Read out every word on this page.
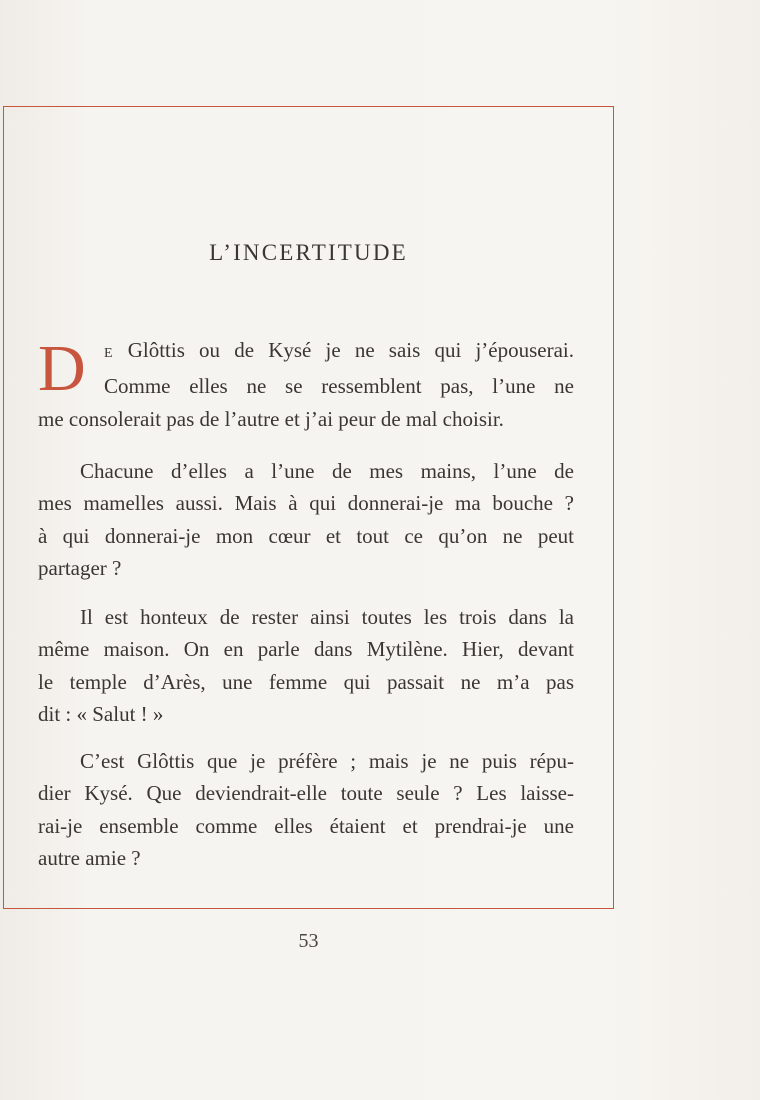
L’INCERTITUDE
D	E Glôttis ou de Kysé je ne sais qui j’épouserai.
Comme elles ne se ressemblent pas, l’une ne
me consolerait pas de l’autre et j’ai peur de mal choisir.
Chacune d’elles a l’une de mes mains, l’une de
mes mamelles aussi. Mais à qui donnerai-je ma bouche ?
à qui donnerai-je mon cœur et tout ce qu’on ne peut
partager ?
Il est honteux de rester ainsi toutes les trois dans la
même maison. On en parle dans Mytilène. Hier, devant
le temple d’Arès, une femme qui passait ne m’a pas
dit : « Salut ! »
C’est Glôttis que je préfère ; mais je ne puis répu-
dier Kysé. Que deviendrait-elle toute seule ? Les laisse-
rai-je ensemble comme elles étaient et prendrai-je une
autre amie ?
53
